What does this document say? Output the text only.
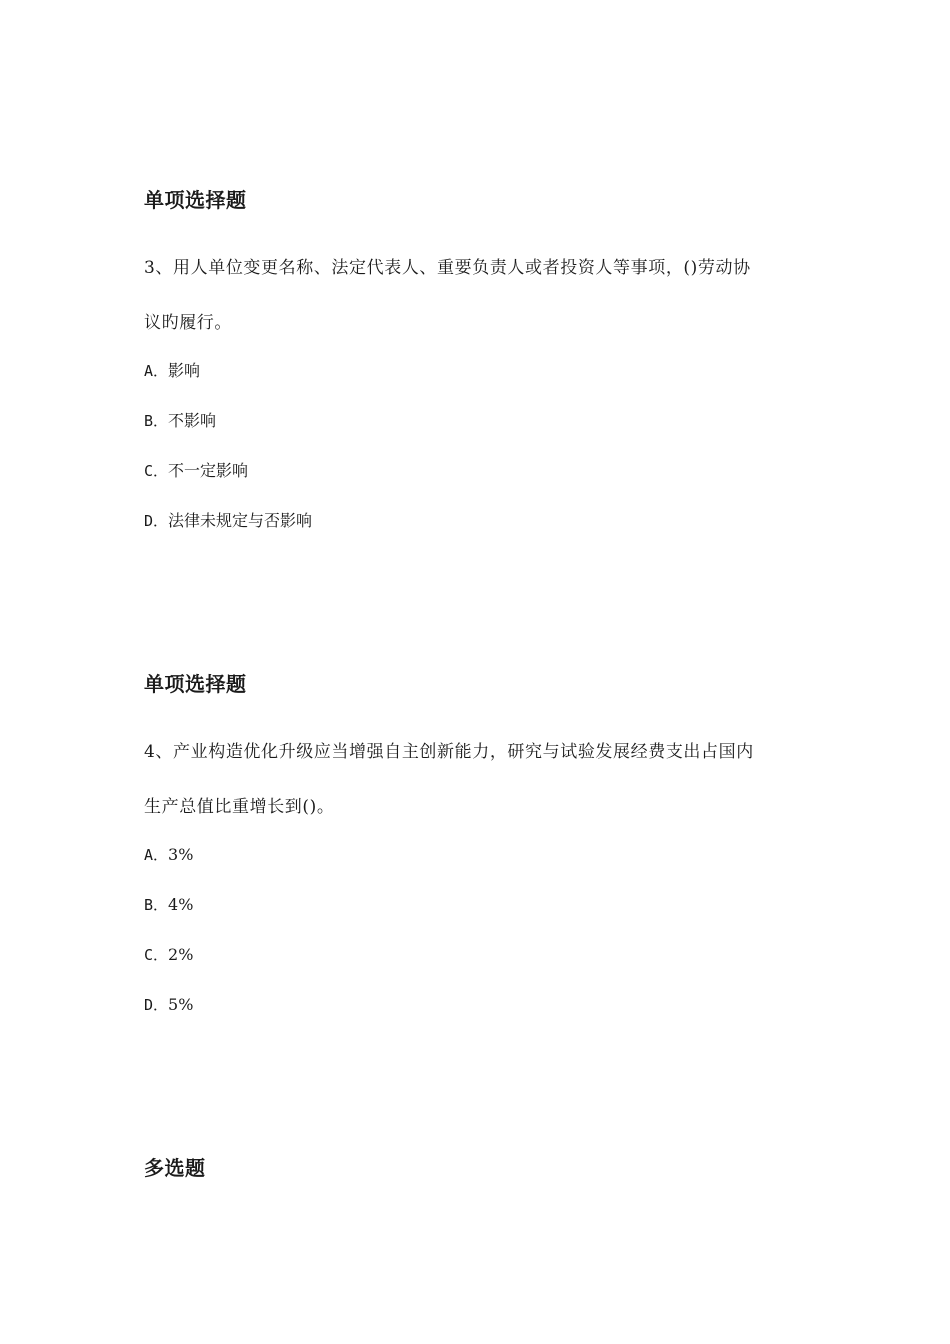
单项选择题
3、用人单位变更名称、法定代表人、重要负责人或者投资人等事项，()劳动协
议旳履行。
A．影响
B．不影响
C．不一定影响
D．法律未规定与否影响
单项选择题
4、产业构造优化升级应当增强自主创新能力，研究与试验发展经费支出占国内
生产总值比重增长到()。
A．3%
B．4%
C．2%
D．5%
多选题
